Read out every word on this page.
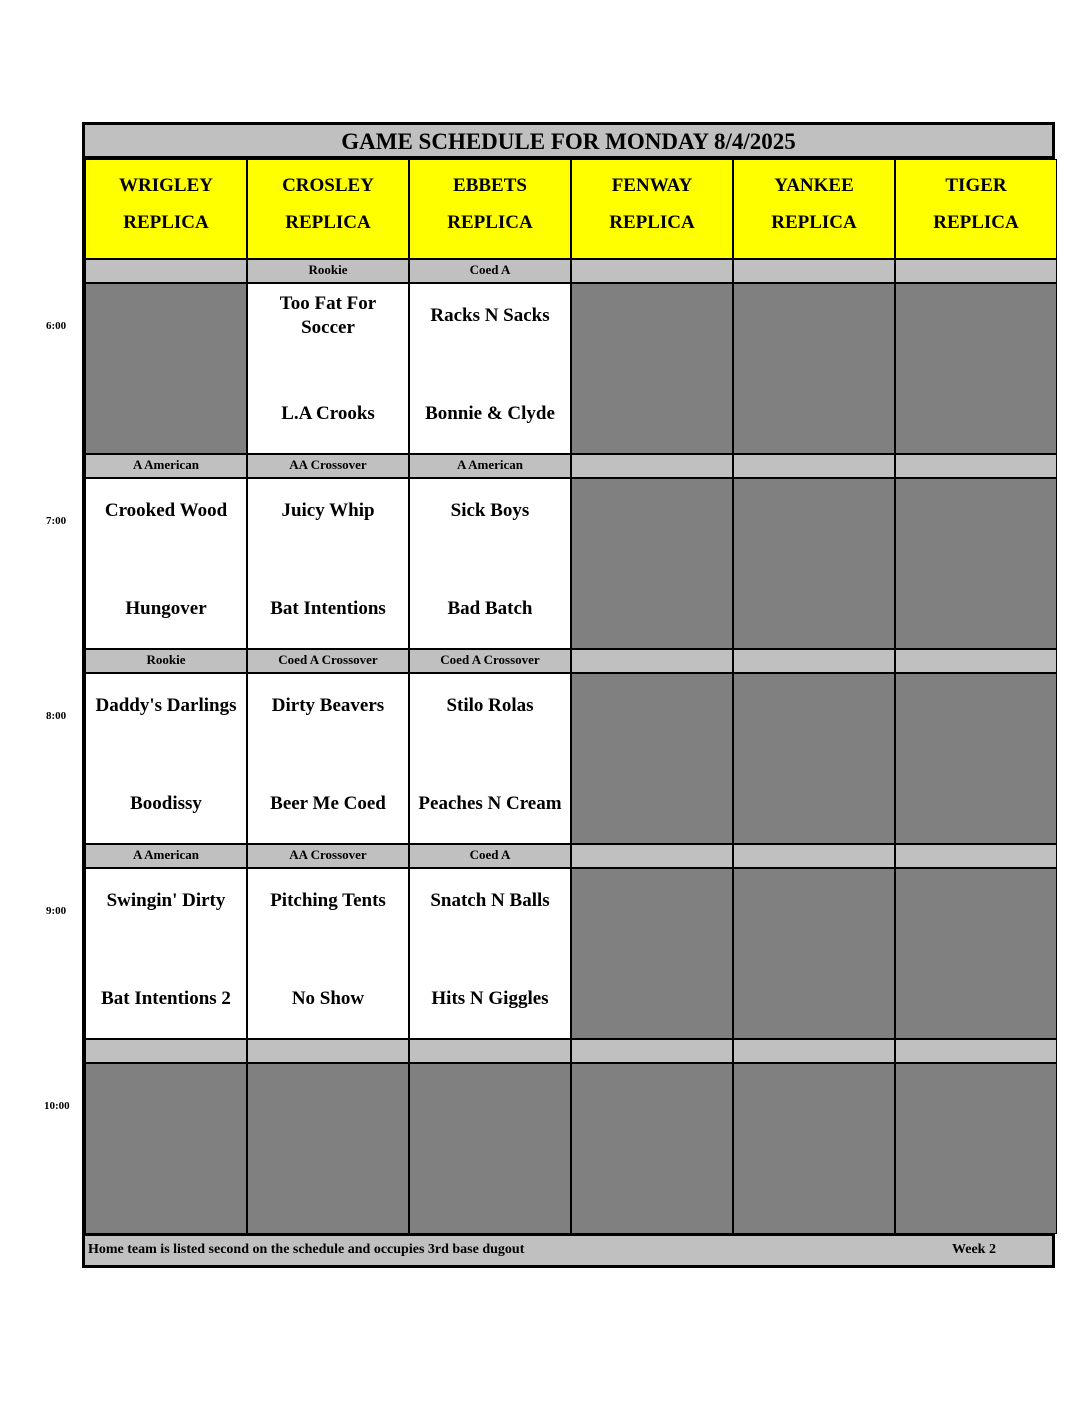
GAME SCHEDULE FOR MONDAY 8/4/2025
WRIGLEY
REPLICA
CROSLEY
REPLICA
EBBETS
REPLICA
FENWAY
REPLICA
YANKEE
REPLICA
TIGER
REPLICA
Rookie
Too Fat For Soccer
L.A Crooks
Coed A
Racks N Sacks
Bonnie & Clyde
A American
Crooked Wood
Hungover
AA Crossover
Juicy Whip
Bat Intentions
A American
Sick Boys
Bad Batch
Rookie
Daddy's Darlings
Boodissy
Coed A Crossover
Dirty Beavers
Beer Me Coed
Coed A Crossover
Stilo Rolas
Peaches N Cream
A American
Swingin' Dirty
Bat Intentions 2
AA Crossover
Pitching Tents
No Show
Coed A
Snatch N Balls
Hits N Giggles
Home team is listed second on the schedule and occupies 3rd base dugout	Week 2
6:00
7:00
8:00
9:00
10:00
